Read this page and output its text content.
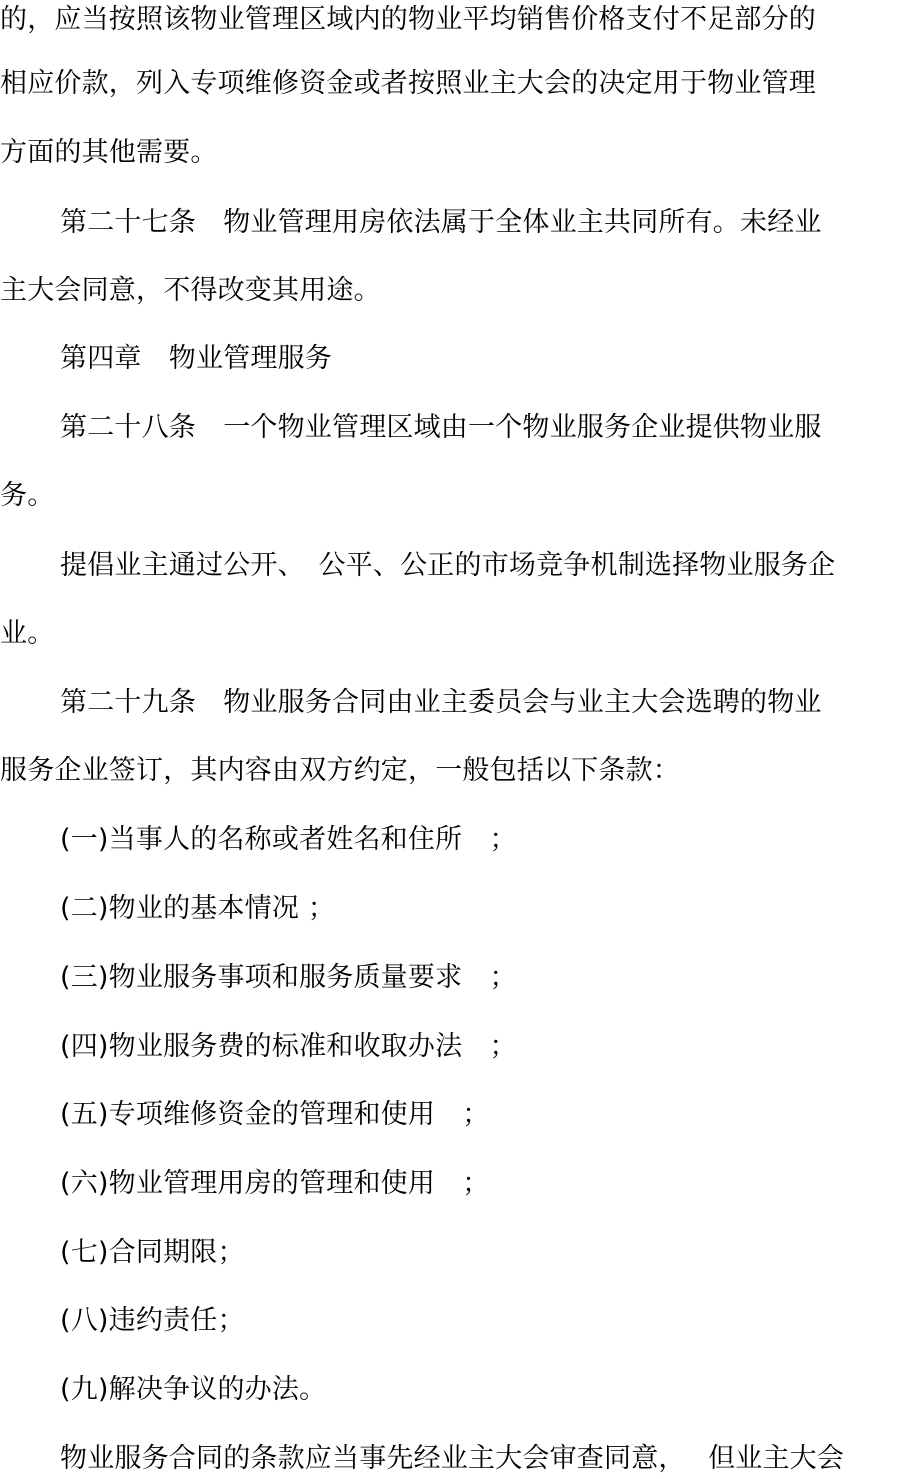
的，应当按照该物业管理区域内的物业平均销售价格支付不足部分的
相应价款，列入专项维修资金或者按照业主大会的决定用于物业管理
方面的其他需要。
第二十七条　物业管理用房依法属于全体业主共同所有。未经业
主大会同意，不得改变其用途。
第四章　物业管理服务
第二十八条　一个物业管理区域由一个物业服务企业提供物业服
务。
提倡业主通过公开、　公平、公正的市场竞争机制选择物业服务企
业。
第二十九条　物业服务合同由业主委员会与业主大会选聘的物业
服务企业签订，其内容由双方约定，一般包括以下条款：
(一)当事人的名称或者姓名和住所　；
(二)物业的基本情况 ；
(三)物业服务事项和服务质量要求　；
(四)物业服务费的标准和收取办法　；
(五)专项维修资金的管理和使用　；
(六)物业管理用房的管理和使用　；
(七)合同期限；
(八)违约责任；
(九)解决争议的办法。
物业服务合同的条款应当事先经业主大会审查同意，　 但业主大会
